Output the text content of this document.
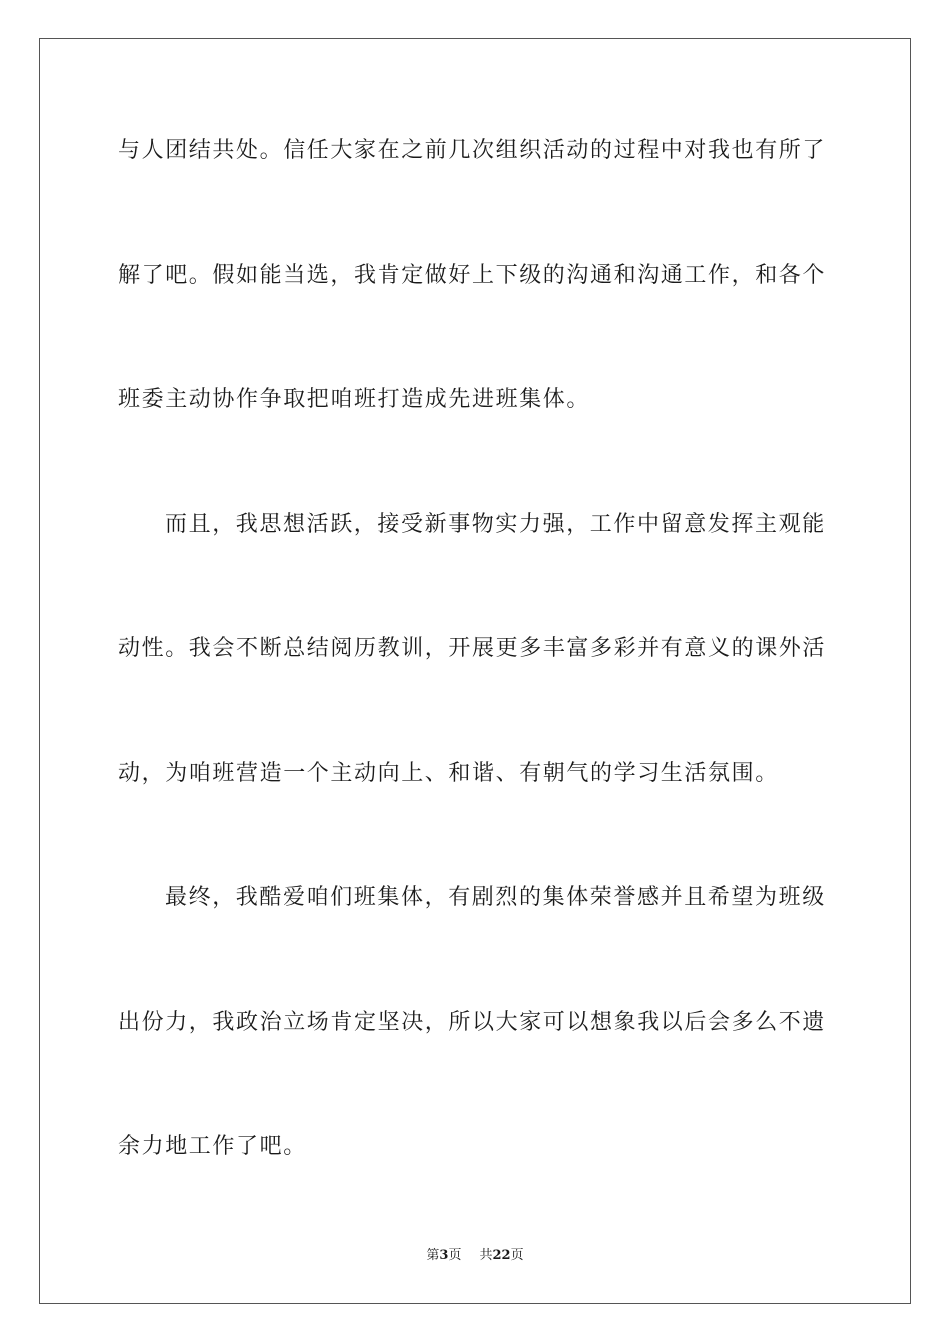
与人团结共处。信任大家在之前几次组织活动的过程中对我也有所了
解了吧。假如能当选，我肯定做好上下级的沟通和沟通工作，和各个
班委主动协作争取把咱班打造成先进班集体。
而且，我思想活跃，接受新事物实力强，工作中留意发挥主观能
动性。我会不断总结阅历教训，开展更多丰富多彩并有意义的课外活
动，为咱班营造一个主动向上、和谐、有朝气的学习生活氛围。
最终，我酷爱咱们班集体，有剧烈的集体荣誉感并且希望为班级
出份力，我政治立场肯定坚决，所以大家可以想象我以后会多么不遗
余力地工作了吧。
第3页 共22页
